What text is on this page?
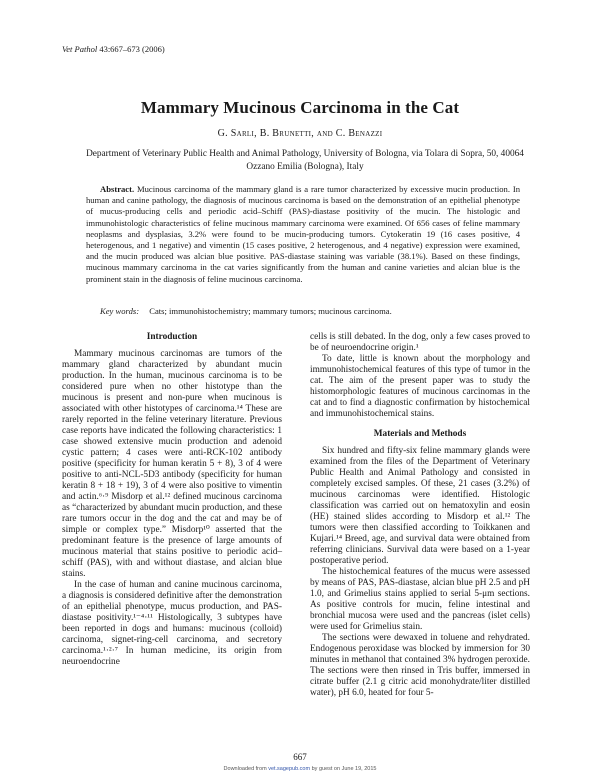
Vet Pathol 43:667–673 (2006)
Mammary Mucinous Carcinoma in the Cat
G. Sarli, B. Brunetti, and C. Benazzi
Department of Veterinary Public Health and Animal Pathology, University of Bologna, via Tolara di Sopra, 50, 40064 Ozzano Emilia (Bologna), Italy

Abstract. Mucinous carcinoma of the mammary gland is a rare tumor characterized by excessive mucin production. In human and canine pathology, the diagnosis of mucinous carcinoma is based on the demonstration of an epithelial phenotype of mucus-producing cells and periodic acid–Schiff (PAS)-diastase positivity of the mucin. The histologic and immunohistologic characteristics of feline mucinous mammary carcinoma were examined. Of 656 cases of feline mammary neoplasms and dysplasias, 3.2% were found to be mucin-producing tumors. Cytokeratin 19 (16 cases positive, 4 heterogenous, and 1 negative) and vimentin (15 cases positive, 2 heterogenous, and 4 negative) expression were examined, and the mucin produced was alcian blue positive. PAS-diastase staining was variable (38.1%). Based on these findings, mucinous mammary carcinoma in the cat varies significantly from the human and canine varieties and alcian blue is the prominent stain in the diagnosis of feline mucinous carcinoma.

Key words: Cats; immunohistochemistry; mammary tumors; mucinous carcinoma.
Introduction

Mammary mucinous carcinomas are tumors of the mammary gland characterized by abundant mucin production. In the human, mucinous carcinoma is to be considered pure when no other histotype than the mucinous is present and non-pure when mucinous is associated with other histotypes of carcinoma.¹⁴ These are rarely reported in the feline veterinary literature. Previous case reports have indicated the following characteristics: 1 case showed extensive mucin production and adenoid cystic pattern; 4 cases were anti-RCK-102 antibody positive (specificity for human keratin 5 + 8), 3 of 4 were positive to anti-NCL-5D3 antibody (specificity for human keratin 8 + 18 + 19), 3 of 4 were also positive to vimentin and actin.⁶·⁹ Misdorp et al.¹² defined mucinous carcinoma as “characterized by abundant mucin production, and these rare tumors occur in the dog and the cat and may be of simple or complex type.” Misdorp¹⁰ asserted that the predominant feature is the presence of large amounts of mucinous material that stains positive to periodic acid–schiff (PAS), with and without diastase, and alcian blue stains.

In the case of human and canine mucinous carcinoma, a diagnosis is considered definitive after the demonstration of an epithelial phenotype, mucus production, and PAS-diastase positivity.¹⁻⁴·¹¹ Histologically, 3 subtypes have been reported in dogs and humans: mucinous (colloid) carcinoma, signet-ring-cell carcinoma, and secretory carcinoma.¹·²·⁷ In human medicine, its origin from neuroendocrine

cells is still debated. In the dog, only a few cases proved to be of neuroendocrine origin.¹

To date, little is known about the morphology and immunohistochemical features of this type of tumor in the cat. The aim of the present paper was to study the histomorphologic features of mucinous carcinomas in the cat and to find a diagnostic confirmation by histochemical and immunohistochemical stains.

Materials and Methods

Six hundred and fifty-six feline mammary glands were examined from the files of the Department of Veterinary Public Health and Animal Pathology and consisted in completely excised samples. Of these, 21 cases (3.2%) of mucinous carcinomas were identified. Histologic classification was carried out on hematoxylin and eosin (HE) stained slides according to Misdorp et al.¹² The tumors were then classified according to Toikkanen and Kujari.¹⁴ Breed, age, and survival data were obtained from referring clinicians. Survival data were based on a 1-year postoperative period.

The histochemical features of the mucus were assessed by means of PAS, PAS-diastase, alcian blue pH 2.5 and pH 1.0, and Grimelius stains applied to serial 5-μm sections. As positive controls for mucin, feline intestinal and bronchial mucosa were used and the pancreas (islet cells) were used for Grimelius stain.

The sections were dewaxed in toluene and rehydrated. Endogenous peroxidase was blocked by immersion for 30 minutes in methanol that contained 3% hydrogen peroxide. The sections were then rinsed in Tris buffer, immersed in citrate buffer (2.1 g citric acid monohydrate/liter distilled water), pH 6.0, heated for four 5-

667
Downloaded from vet.sagepub.com by guest on June 19, 2015
